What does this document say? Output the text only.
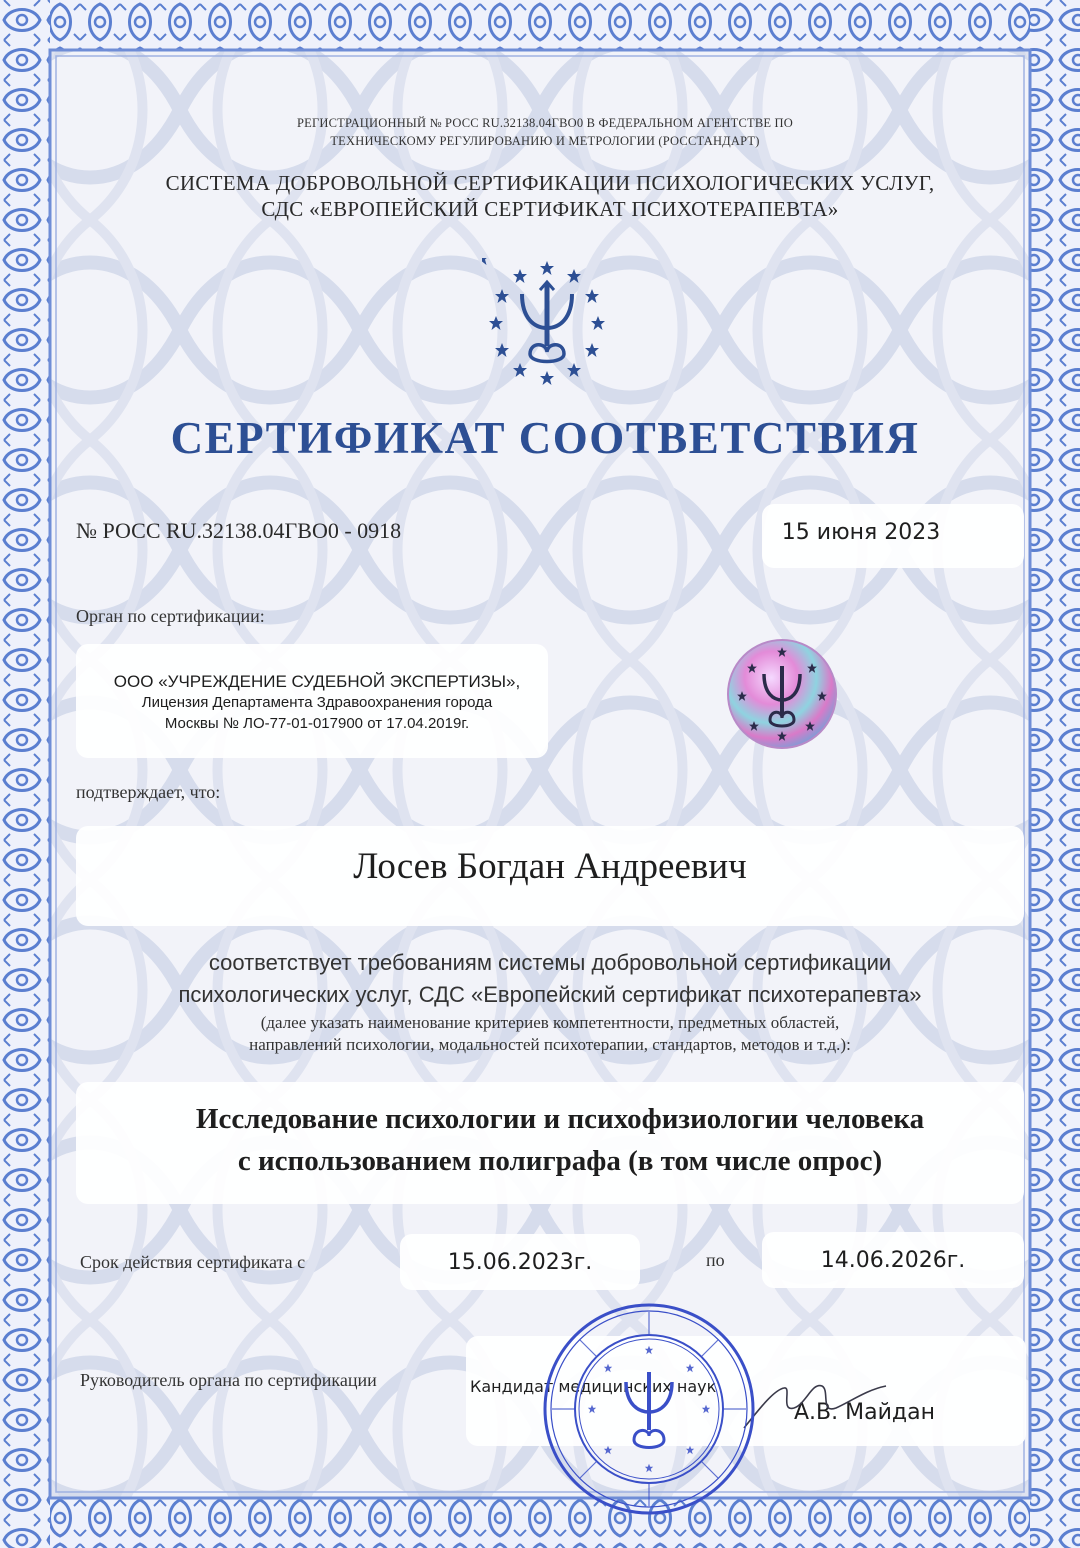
РЕГИСТРАЦИОННЫЙ № РОСС RU.32138.04ГВО0 В ФЕДЕРАЛЬНОМ АГЕНТСТВЕ ПО
ТЕХНИЧЕСКОМУ РЕГУЛИРОВАНИЮ И МЕТРОЛОГИИ (РОССТАНДАРТ)
СИСТЕМА ДОБРОВОЛЬНОЙ СЕРТИФИКАЦИИ ПСИХОЛОГИЧЕСКИХ УСЛУГ,
СДС «ЕВРОПЕЙСКИЙ СЕРТИФИКАТ ПСИХОТЕРАПЕВТА»
СЕРТИФИКАТ СООТВЕТСТВИЯ
№ РОСС RU.32138.04ГВО0 - 0918	15 июня 2023
Орган по сертификации:
ООО «УЧРЕЖДЕНИЕ СУДЕБНОЙ ЭКСПЕРТИЗЫ»,
Лицензия Департамента Здравоохранения города
Москвы № ЛО-77-01-017900 от 17.04.2019г.
подтверждает, что:
Лосев Богдан Андреевич
соответствует требованиям системы добровольной сертификации
психологических услуг, СДС «Европейский сертификат психотерапевта»
(далее указать наименование критериев компетентности, предметных областей,
направлений психологии, модальностей психотерапии, стандартов, методов и т.д.):
Исследование психологии и психофизиологии человека
с использованием полиграфа (в том числе опрос)
Срок действия сертификата с	15.06.2023г.	по	14.06.2026г.
Руководитель органа по сертификации	Кандидат медицинских наук
А.В. Майдан
